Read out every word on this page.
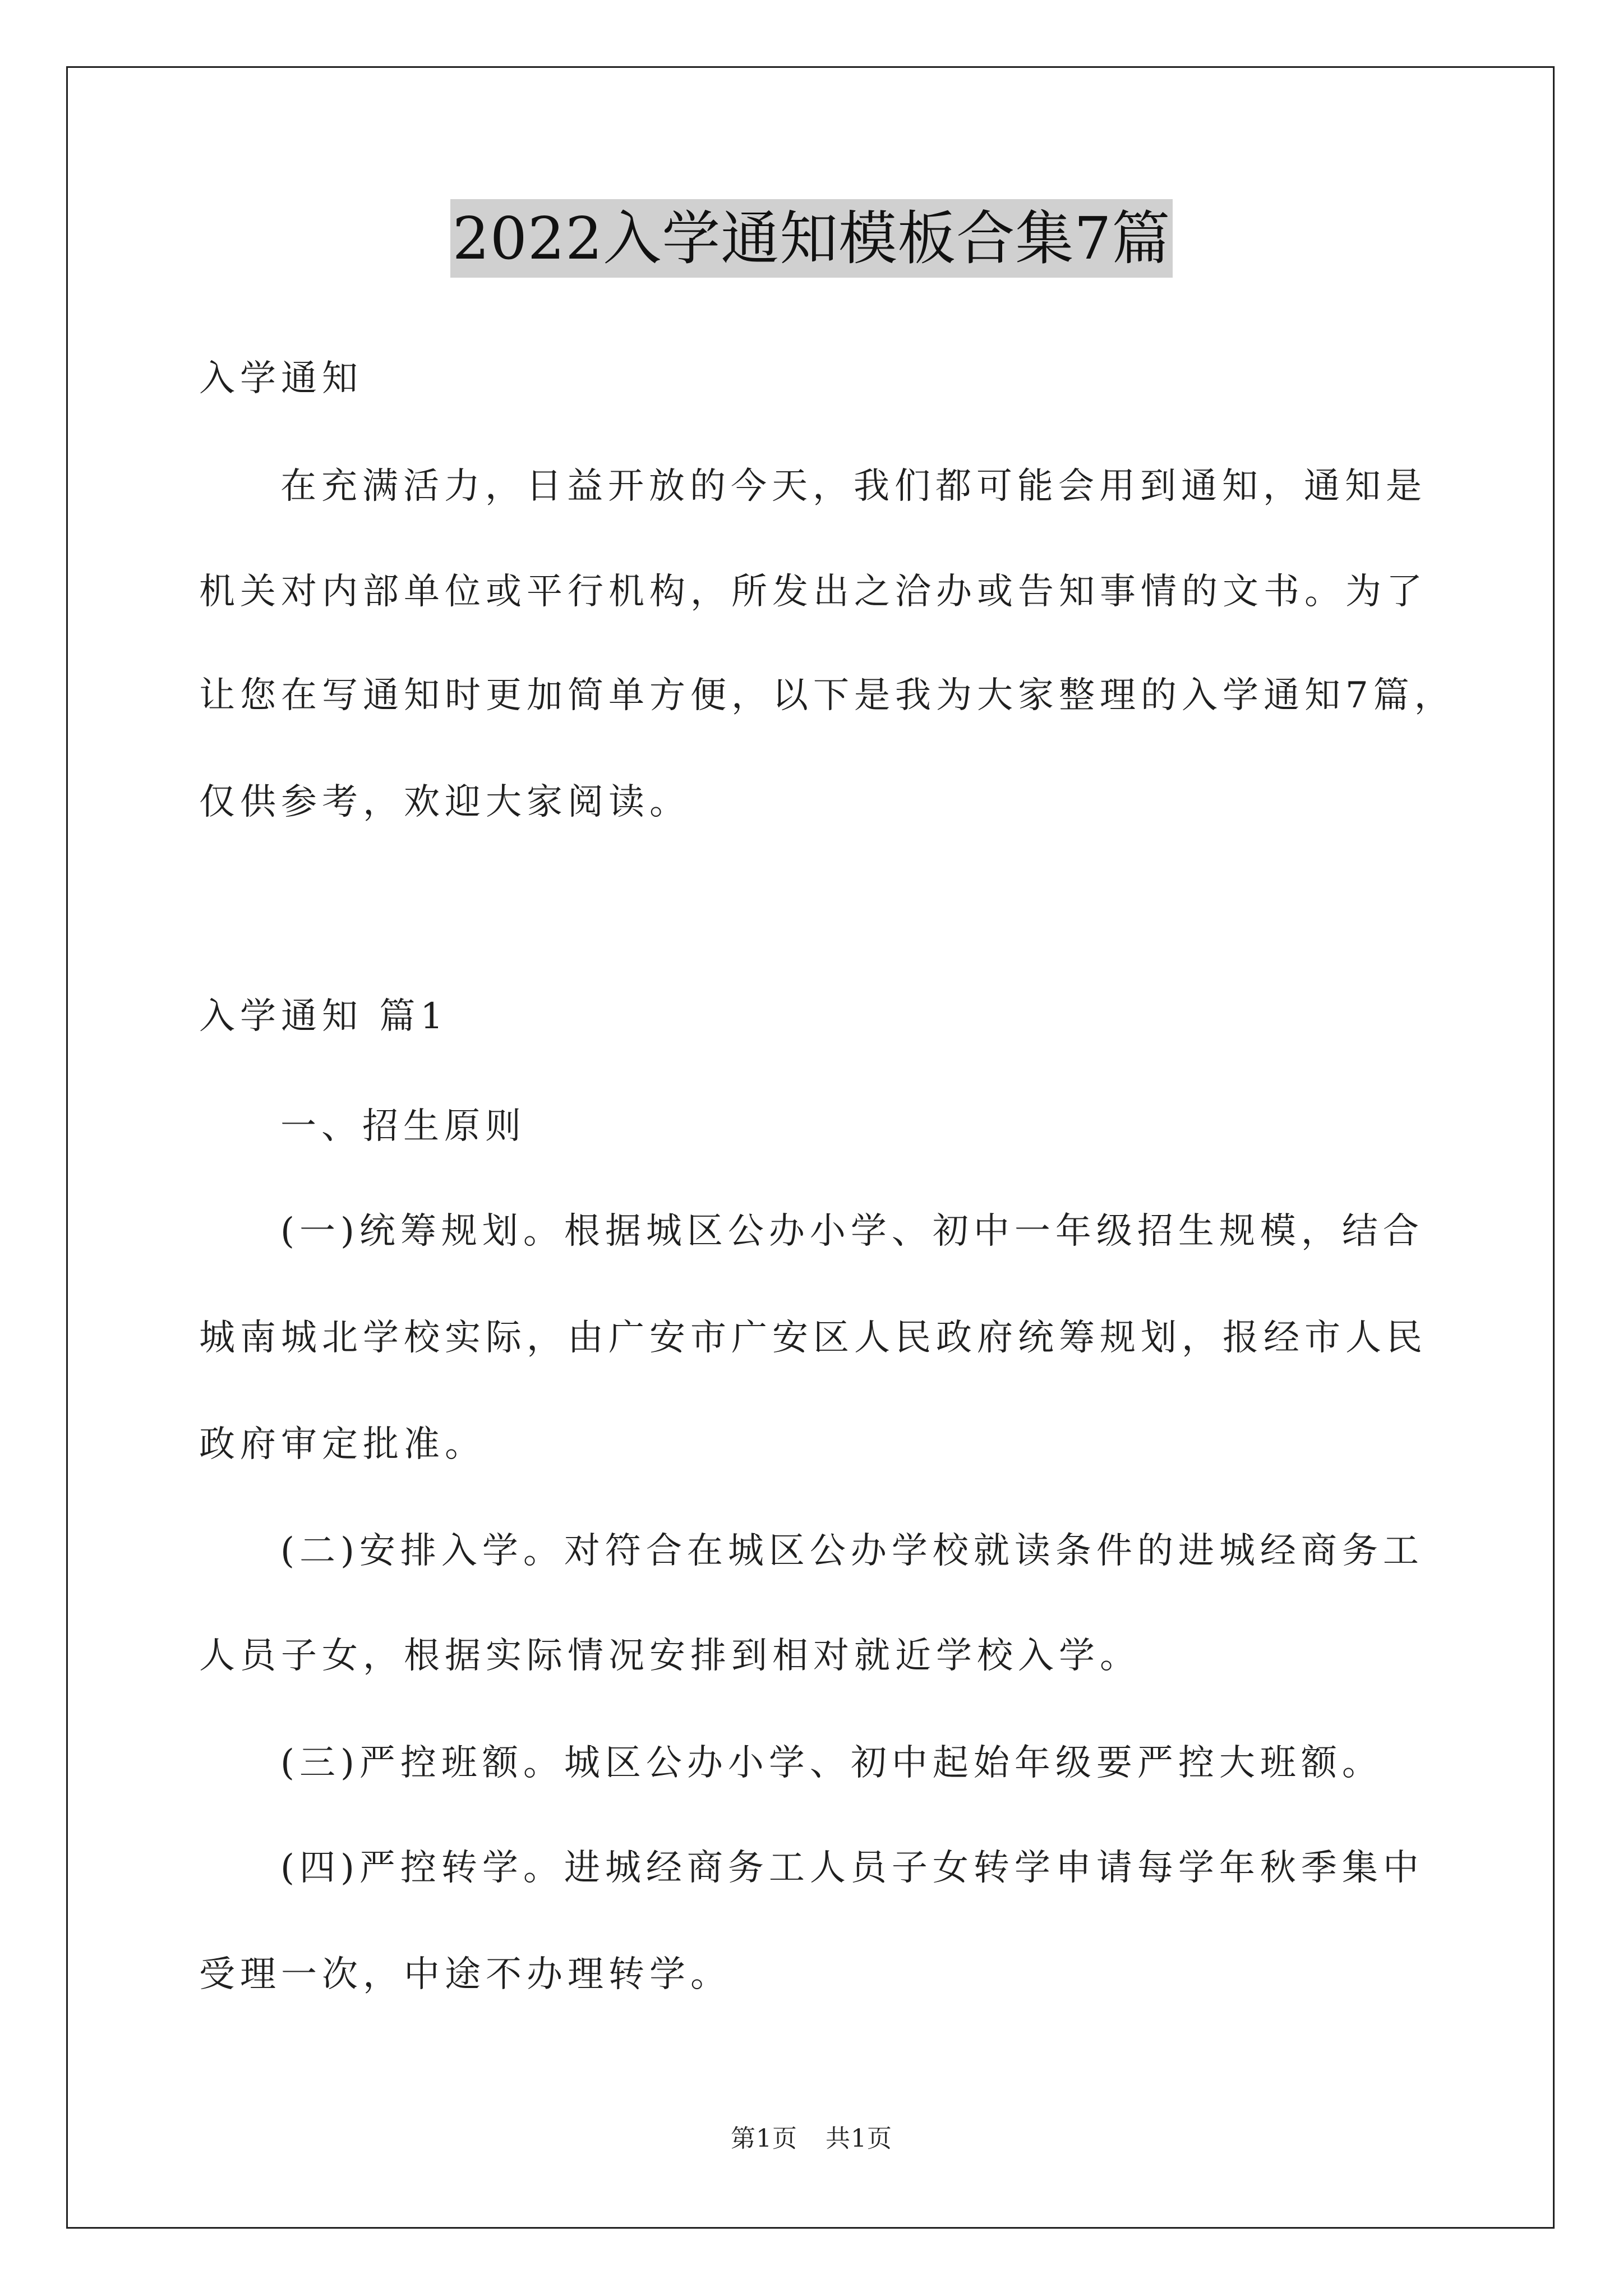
2022入学通知模板合集7篇
入学通知
在充满活力，日益开放的今天，我们都可能会用到通知，通知是
机关对内部单位或平行机构，所发出之洽办或告知事情的文书。为了
让您在写通知时更加简单方便，以下是我为大家整理的入学通知7篇，
仅供参考，欢迎大家阅读。
入学通知 篇1
一、招生原则
(一)统筹规划。根据城区公办小学、初中一年级招生规模，结合
城南城北学校实际，由广安市广安区人民政府统筹规划，报经市人民
政府审定批准。
(二)安排入学。对符合在城区公办学校就读条件的进城经商务工
人员子女，根据实际情况安排到相对就近学校入学。
(三)严控班额。城区公办小学、初中起始年级要严控大班额。
(四)严控转学。进城经商务工人员子女转学申请每学年秋季集中
受理一次，中途不办理转学。
第1页 共1页
